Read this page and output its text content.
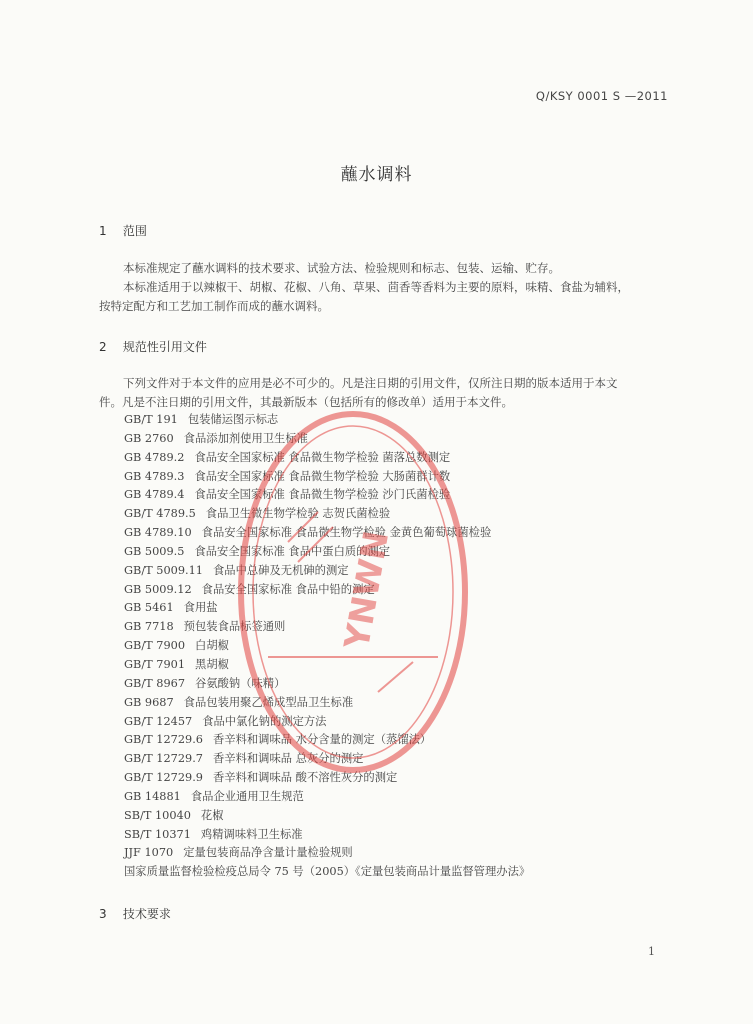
Q/KSY 0001 S —2011
蘸水调料
1 范围
本标准规定了蘸水调料的技术要求、试验方法、检验规则和标志、包装、运输、贮存。
本标准适用于以辣椒干、胡椒、花椒、八角、草果、茴香等香料为主要的原料，味精、食盐为辅料，
按特定配方和工艺加工制作而成的蘸水调料。
2 规范性引用文件
下列文件对于本文件的应用是必不可少的。凡是注日期的引用文件，仅所注日期的版本适用于本文
件。凡是不注日期的引用文件，其最新版本（包括所有的修改单）适用于本文件。
GB/T 191 包装储运图示标志
GB 2760 食品添加剂使用卫生标准
GB 4789.2 食品安全国家标准 食品微生物学检验 菌落总数测定
GB 4789.3 食品安全国家标准 食品微生物学检验 大肠菌群计数
GB 4789.4 食品安全国家标准 食品微生物学检验 沙门氏菌检验
GB/T 4789.5 食品卫生微生物学检验 志贺氏菌检验
GB 4789.10 食品安全国家标准 食品微生物学检验 金黄色葡萄球菌检验
GB 5009.5 食品安全国家标准 食品中蛋白质的测定
GB/T 5009.11 食品中总砷及无机砷的测定
GB 5009.12 食品安全国家标准 食品中铅的测定
GB 5461 食用盐
GB 7718 预包装食品标签通则
GB/T 7900 白胡椒
GB/T 7901 黑胡椒
GB/T 8967 谷氨酸钠（味精）
GB 9687 食品包装用聚乙烯成型品卫生标准
GB/T 12457 食品中氯化钠的测定方法
GB/T 12729.6 香辛料和调味品 水分含量的测定（蒸馏法）
GB/T 12729.7 香辛料和调味品 总灰分的测定
GB/T 12729.9 香辛料和调味品 酸不溶性灰分的测定
GB 14881 食品企业通用卫生规范
SB/T 10040 花椒
SB/T 10371 鸡精调味料卫生标准
JJF 1070 定量包装商品净含量计量检验规则
国家质量监督检验检疫总局令 75 号（2005）《定量包装商品计量监督管理办法》
3 技术要求
1
YNWN
